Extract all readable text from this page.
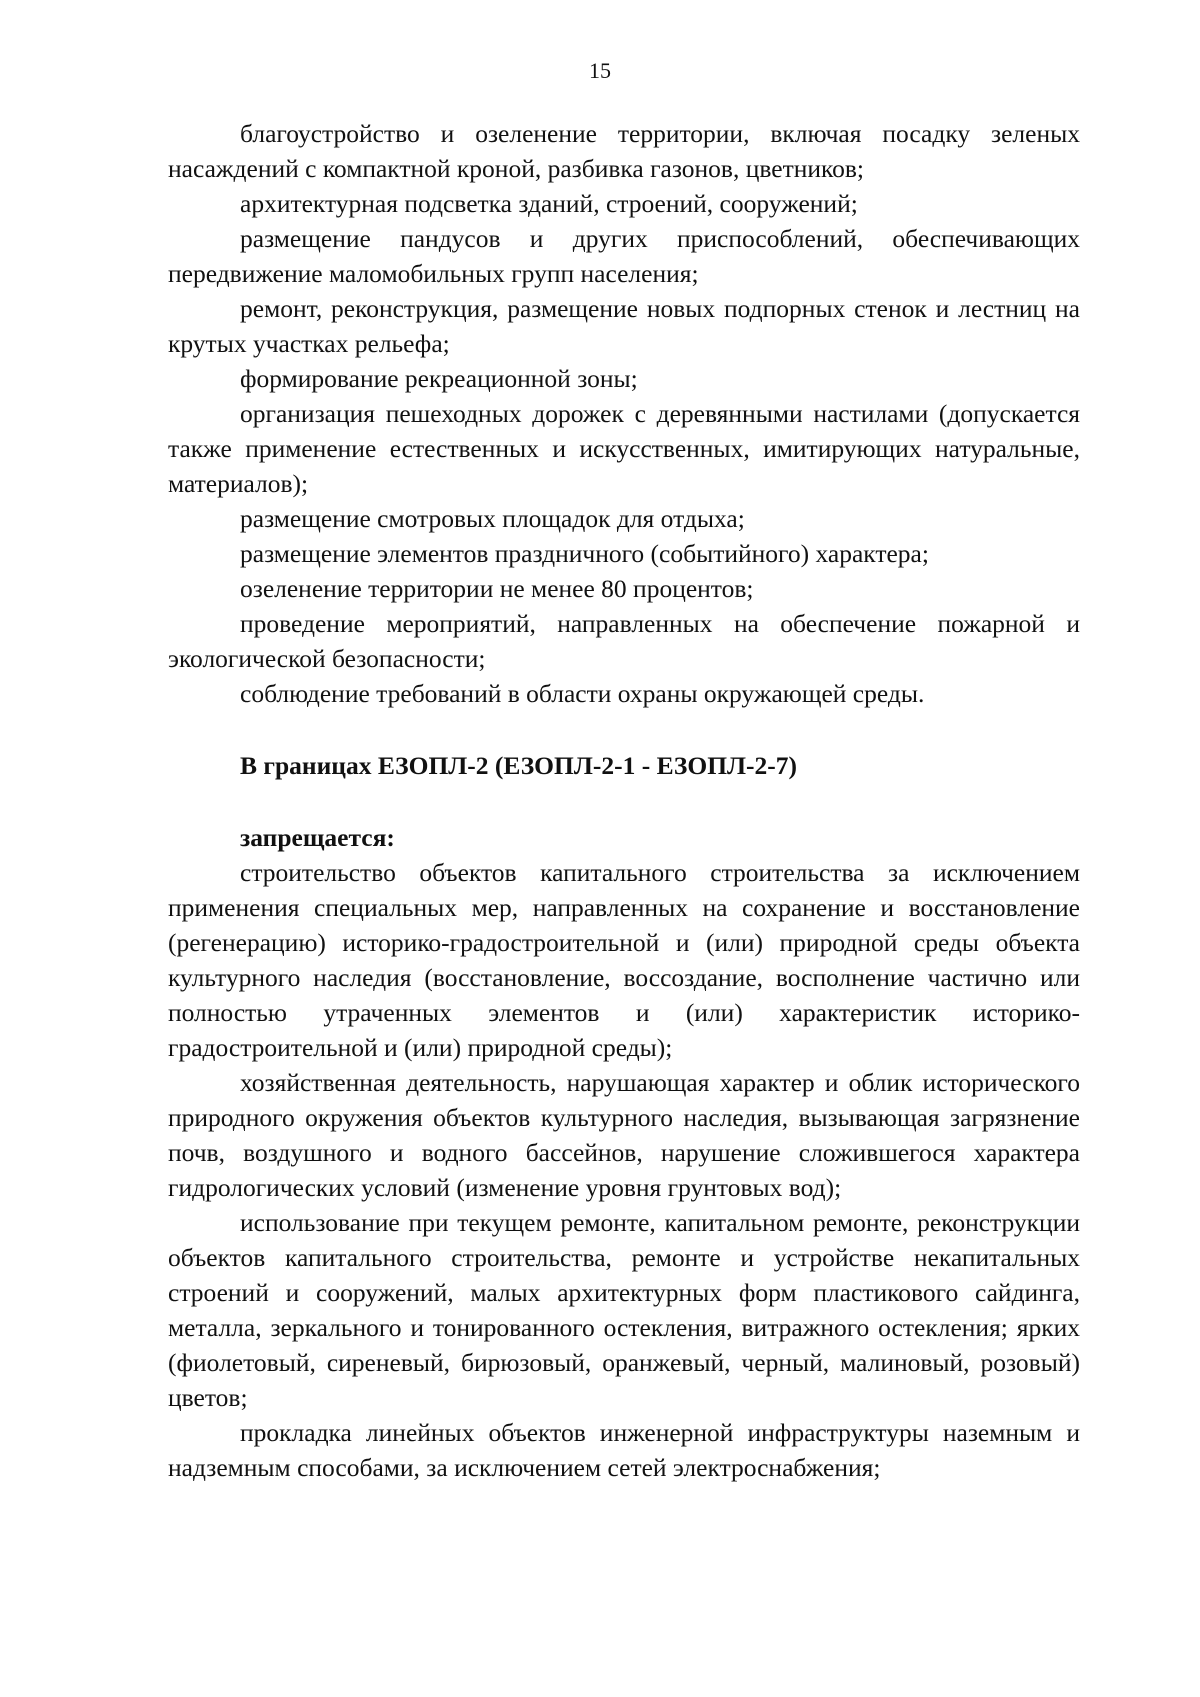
15

благоустройство и озеленение территории, включая посадку зеленых насаждений с компактной кроной, разбивка газонов, цветников;

архитектурная подсветка зданий, строений, сооружений;

размещение пандусов и других приспособлений, обеспечивающих передвижение маломобильных групп населения;

ремонт, реконструкция, размещение новых подпорных стенок и лестниц на крутых участках рельефа;

формирование рекреационной зоны;

организация пешеходных дорожек с деревянными настилами (допускается также применение естественных и искусственных, имитирующих натуральные, материалов);

размещение смотровых площадок для отдыха;

размещение элементов праздничного (событийного) характера;

озеленение территории не менее 80 процентов;

проведение мероприятий, направленных на обеспечение пожарной и экологической безопасности;

соблюдение требований в области охраны окружающей среды.

В границах ЕЗОПЛ-2 (ЕЗОПЛ-2-1 - ЕЗОПЛ-2-7)

запрещается:

строительство объектов капитального строительства за исключением применения специальных мер, направленных на сохранение и восстановление (регенерацию) историко-градостроительной и (или) природной среды объекта культурного наследия (восстановление, воссоздание, восполнение частично или полностью утраченных элементов и (или) характеристик историко-градостроительной и (или) природной среды);

хозяйственная деятельность, нарушающая характер и облик исторического природного окружения объектов культурного наследия, вызывающая загрязнение почв, воздушного и водного бассейнов, нарушение сложившегося характера гидрологических условий (изменение уровня грунтовых вод);

использование при текущем ремонте, капитальном ремонте, реконструкции объектов капитального строительства, ремонте и устройстве некапитальных строений и сооружений, малых архитектурных форм пластикового сайдинга, металла, зеркального и тонированного остекления, витражного остекления; ярких (фиолетовый, сиреневый, бирюзовый, оранжевый, черный, малиновый, розовый) цветов;

прокладка линейных объектов инженерной инфраструктуры наземным и надземным способами, за исключением сетей электроснабжения;
